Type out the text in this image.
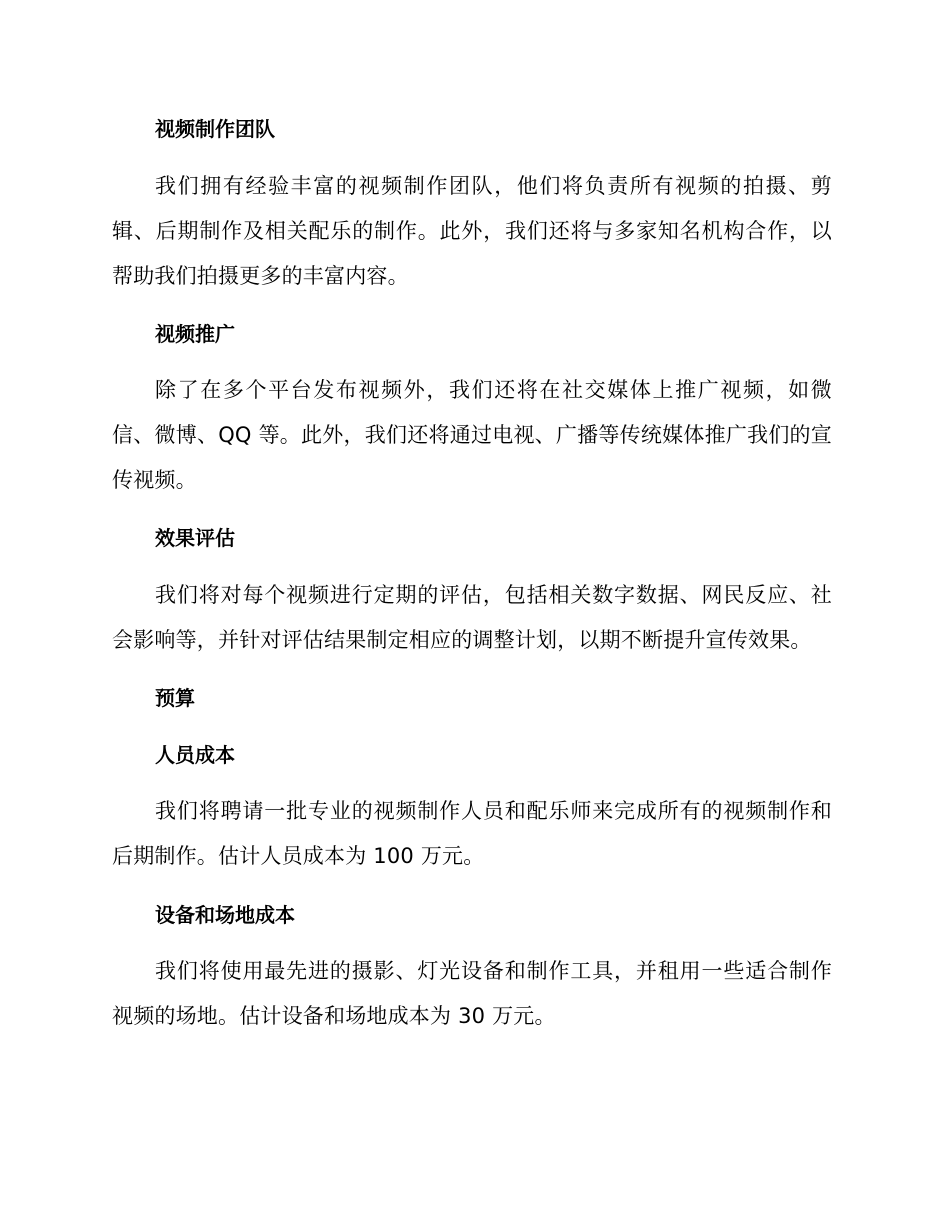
视频制作团队
我们拥有经验丰富的视频制作团队，他们将负责所有视频的拍摄、剪辑、后期制作及相关配乐的制作。此外，我们还将与多家知名机构合作，以帮助我们拍摄更多的丰富内容。
视频推广
除了在多个平台发布视频外，我们还将在社交媒体上推广视频，如微信、微博、QQ 等。此外，我们还将通过电视、广播等传统媒体推广我们的宣传视频。
效果评估
我们将对每个视频进行定期的评估，包括相关数字数据、网民反应、社会影响等，并针对评估结果制定相应的调整计划，以期不断提升宣传效果。
预算
人员成本
我们将聘请一批专业的视频制作人员和配乐师来完成所有的视频制作和后期制作。估计人员成本为 100 万元。
设备和场地成本
我们将使用最先进的摄影、灯光设备和制作工具，并租用一些适合制作视频的场地。估计设备和场地成本为 30 万元。
